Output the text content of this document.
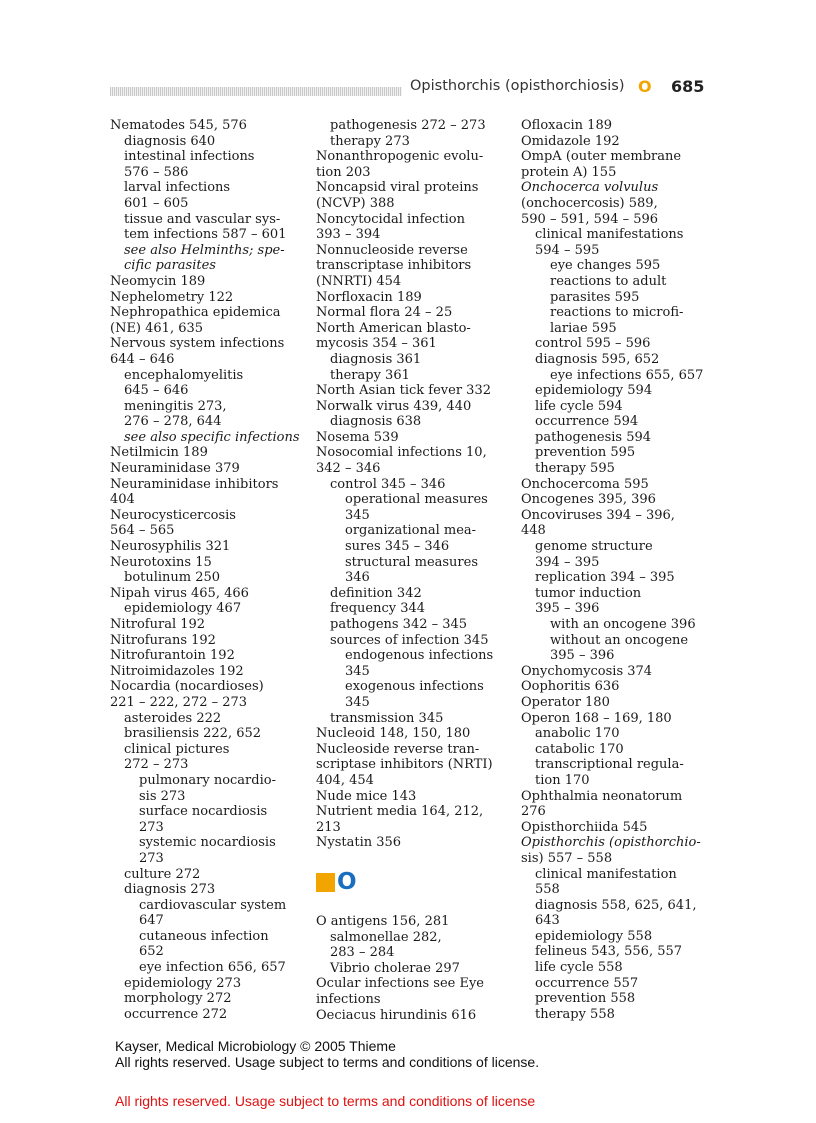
Opisthorchis (opisthorchiosis) O 685
Nematodes 545, 576
diagnosis 640
intestinal infections
576 – 586
larval infections
601 – 605
tissue and vascular sys-
tem infections 587 – 601
see also Helminths; spe-
cific parasites
Neomycin 189
Nephelometry 122
Nephropathica epidemica
(NE) 461, 635
Nervous system infections
644 – 646
encephalomyelitis
645 – 646
meningitis 273,
276 – 278, 644
see also specific infections
Netilmicin 189
Neuraminidase 379
Neuraminidase inhibitors
404
Neurocysticercosis
564 – 565
Neurosyphilis 321
Neurotoxins 15
botulinum 250
Nipah virus 465, 466
epidemiology 467
Nitrofural 192
Nitrofurans 192
Nitrofurantoin 192
Nitroimidazoles 192
Nocardia (nocardioses)
221 – 222, 272 – 273
asteroides 222
brasiliensis 222, 652
clinical pictures
272 – 273
pulmonary nocardio-
sis 273
surface nocardiosis
273
systemic nocardiosis
273
culture 272
diagnosis 273
cardiovascular system
647
cutaneous infection
652
eye infection 656, 657
epidemiology 273
morphology 272
occurrence 272
pathogenesis 272 – 273
therapy 273
Nonanthropogenic evolu-
tion 203
Noncapsid viral proteins
(NCVP) 388
Noncytocidal infection
393 – 394
Nonnucleoside reverse
transcriptase inhibitors
(NNRTI) 454
Norfloxacin 189
Normal flora 24 – 25
North American blasto-
mycosis 354 – 361
diagnosis 361
therapy 361
North Asian tick fever 332
Norwalk virus 439, 440
diagnosis 638
Nosema 539
Nosocomial infections 10,
342 – 346
control 345 – 346
operational measures
345
organizational mea-
sures 345 – 346
structural measures
346
definition 342
frequency 344
pathogens 342 – 345
sources of infection 345
endogenous infections
345
exogenous infections
345
transmission 345
Nucleoid 148, 150, 180
Nucleoside reverse tran-
scriptase inhibitors (NRTI)
404, 454
Nude mice 143
Nutrient media 164, 212,
213
Nystatin 356
O
O antigens 156, 281
salmonellae 282,
283 – 284
Vibrio cholerae 297
Ocular infections see Eye
infections
Oeciacus hirundinis 616
Ofloxacin 189
Omidazole 192
OmpA (outer membrane
protein A) 155
Onchocerca volvulus
(onchocercosis) 589,
590 – 591, 594 – 596
clinical manifestations
594 – 595
eye changes 595
reactions to adult
parasites 595
reactions to microfi-
lariae 595
control 595 – 596
diagnosis 595, 652
eye infections 655, 657
epidemiology 594
life cycle 594
occurrence 594
pathogenesis 594
prevention 595
therapy 595
Onchocercoma 595
Oncogenes 395, 396
Oncoviruses 394 – 396,
448
genome structure
394 – 395
replication 394 – 395
tumor induction
395 – 396
with an oncogene 396
without an oncogene
395 – 396
Onychomycosis 374
Oophoritis 636
Operator 180
Operon 168 – 169, 180
anabolic 170
catabolic 170
transcriptional regula-
tion 170
Ophthalmia neonatorum
276
Opisthorchiida 545
Opisthorchis (opisthorchio-
sis) 557 – 558
clinical manifestation
558
diagnosis 558, 625, 641,
643
epidemiology 558
felineus 543, 556, 557
life cycle 558
occurrence 557
prevention 558
therapy 558
Kayser, Medical Microbiology © 2005 Thieme
All rights reserved. Usage subject to terms and conditions of license.
All rights reserved. Usage subject to terms and conditions of license
